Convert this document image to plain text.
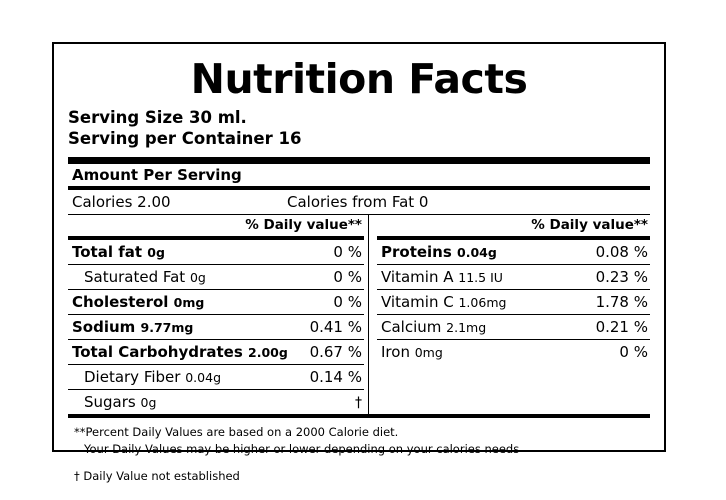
Nutrition Facts
Serving Size 30 ml.
Serving per Container 16
Amount Per Serving
Calories 2.00	Calories from Fat 0
% Daily value**
Total fat 0g	0 %
Saturated Fat 0g	0 %
Cholesterol 0mg	0 %
Sodium 9.77mg	0.41 %
Total Carbohydrates 2.00g	0.67 %
Dietary Fiber 0.04g	0.14 %
Sugars 0g	†
% Daily value**
Proteins 0.04g	0.08 %
Vitamin A 11.5 IU	0.23 %
Vitamin C 1.06mg	1.78 %
Calcium 2.1mg	0.21 %
Iron 0mg	0 %
**Percent Daily Values are based on a 2000 Calorie diet.
Your Daily Values may be higher or lower depending on your calories needs
† Daily Value not established
